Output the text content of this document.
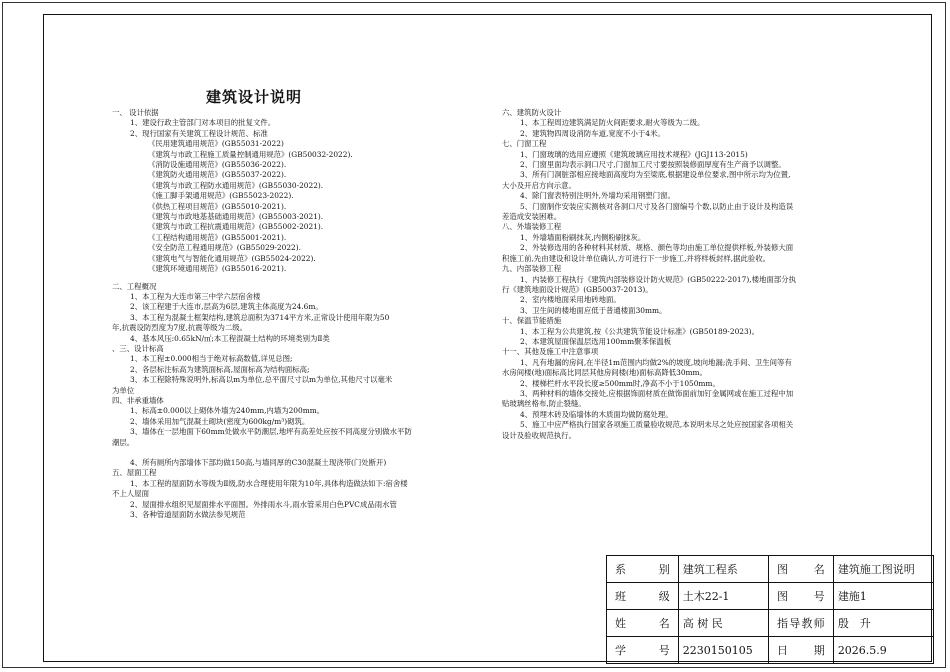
建筑设计说明
一、 设计依据
1、建设行政主管部门对本项目的批复文件。
2、现行国家有关建筑工程设计规范、标准
《民用建筑通用规范》(GB55031-2022)
《建筑与市政工程施工质量控制通用规范》(GB50032-2022).
《消防设施通用规范》(GB55036-2022).
《建筑防火通用规范》(GB55037-2022).
《建筑与市政工程防水通用规范》(GB55030-2022).
《施工脚手架通用规范》(GB55023-2022).
《供热工程项目规范》(GB55010-2021).
《建筑与市政地基基础通用规范》(GB55003-2021).
《建筑与市政工程抗震通用规范》(GB55002-2021).
《工程结构通用规范》(GB55001-2021).
《安全防范工程通用规范》(GB55029-2022).
《建筑电气与智能化通用规范》(GB55024-2022).
《建筑环境通用规范》(GB55016-2021).
二、工程概况
1、本工程为大连市第三中学六层宿舍楼
2、该工程建于大连市,层高为6层,建筑主体高度为24.6m。
3、本工程为混凝土框架结构,建筑总面积为3714平方米,正常设计使用年限为50
年,抗震设防烈度为7度,抗震等级为二级。
4、基本风压:0.65kN/㎡;本工程混凝土结构的环境类别为Ⅱ类
、三、设计标高
1、本工程±0.000相当于绝对标高数值,详见总图;
2、各层标注标高为建筑面标高,屋面标高为结构面标高;
3、本工程除特殊说明外,标高以m为单位,总平面尺寸以m为单位,其他尺寸以毫米
为单位
四、非承重墙体
1、标高±0.000以上砌体外墙为240mm,内墙为200mm。
2、墙体采用加气混凝土砌块(密度为600kg/m³)砌筑。
3、墙体在一层地面下60mm处做水平防潮层,地坪有高差处应按不同高度分别做水平防
潮层。
4、所有厕所内部墙体下部均做150高,与墙同厚的C30混凝土现浇带(门处断开)
五、屋面工程
1、本工程的屋面防水等级为Ⅱ级,防水合理使用年限为10年,具体构造做法如下:宿舍楼
不上人屋面
2、屋面排水组织见屋面排水平面图。外排雨水斗,雨水管采用白色PVC成品雨水管
3、各种管道屋面防水做法参见规范
六、建筑防火设计
1、本工程周边建筑满足防火间距要求,耐火等级为二级。
2、建筑物四周设消防车道,宽度不小于4米。
七、门窗工程
1、门窗玻璃的选用应遵照《建筑玻璃应用技术规程》(JGJ113-2015)
2、门窗里面均表示洞口尺寸,门窗加工尺寸要按照装修面厚度有生产商予以调整。
3、所有门洞脏部相应接地面高度均为至梁底,根据建设单位要求,图中所示均为位置,
大小及开启方向示意。
4、除门窗表特别注明外,外墙均采用钢塑门窗。
5、门窗制作安装应实测核对各洞口尺寸及各门窗编号个数,以防止由于设计及构造误
差造成安装困难。
八、外墙装修工程
1、外墙墙面粉刷抹灰,内侧粉刷抹灰。
2、外装修选用的各种材料其材质、规格、颜色等均由施工单位提供样板,外装修大面
积施工前,先由建设和设计单位确认,方可进行下一步施工,并将样板封样,据此验收。
九、内部装修工程
1、内装修工程执行《建筑内部装修设计防火规范》(GB50222-2017),楼地面部分执
行《建筑地面设计规范》(GB50037-2013)。
2、室内楼地面采用地砖地面。
3、卫生间的楼地面应低于普通楼面30mm。
十、保温节能措施
1、本工程为公共建筑,按《公共建筑节能设计标准》(GB50189-2023)。
2、本建筑屋面保温层选用100mm聚苯保温板
十一、其他及施工中注意事项
1、凡有地漏的房间,在半径1m范围内均做2%的坡度,坡向地漏;洗手间、卫生间等有
水房间楼(地)面标高比同层其他房间楼(地)面标高降低30mm。
2、楼梯栏杆水平段长度≥500mm时,净高不小于1050mm。
3、两种材料的墙体交接处,应根据饰面材质在做饰面前加钉金属网或在施工过程中加
贴玻璃丝格布,防止裂缝。
4、预埋木砖及临墙体的木质面均做防腐处理。
5、施工中应严格执行国家各项施工质量验收规范,本说明未尽之处应按国家各项相关
设计及验收规范执行。
系　别	建筑工程系	图　名	建筑施工图说明
班　级	土木22-1	图　号	建施1
姓　名	高 树 民	指导教师	殷　升
学　号	2230150105	日　期	2026.5.9
